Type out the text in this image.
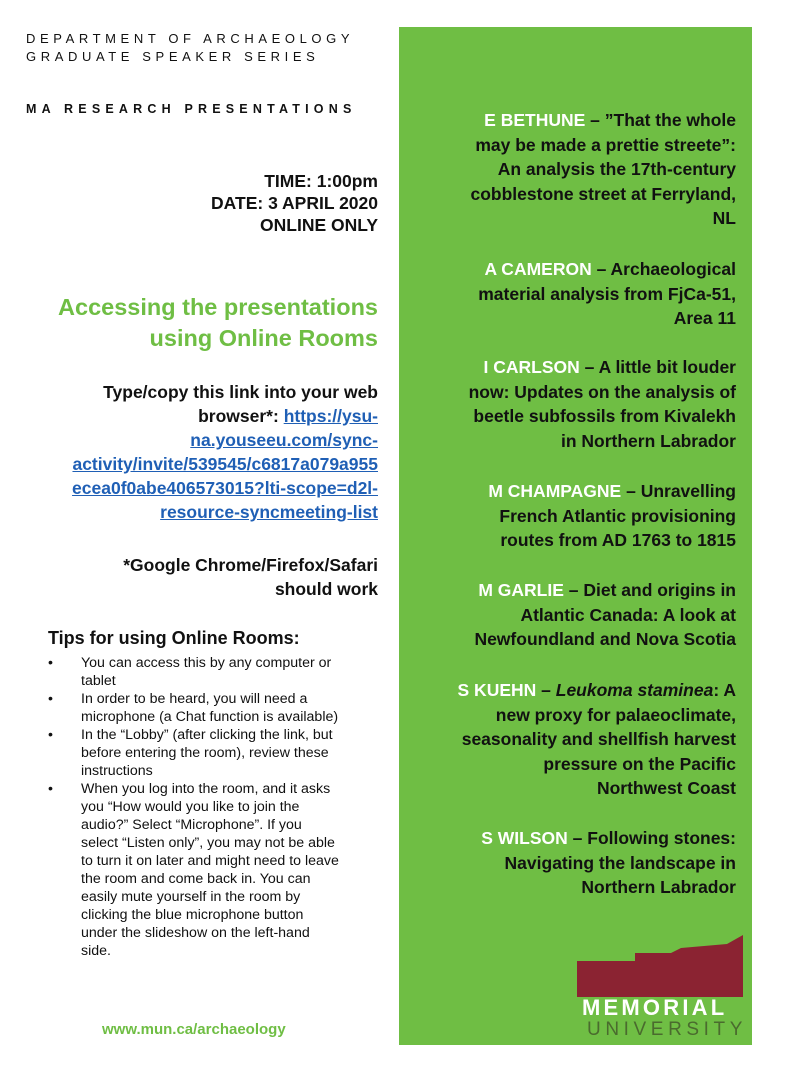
DEPARTMENT OF ARCHAEOLOGY
GRADUATE SPEAKER SERIES
MA RESEARCH PRESENTATIONS
TIME: 1:00pm
DATE: 3 APRIL 2020
ONLINE ONLY
Accessing the presentations
using Online Rooms
Type/copy this link into your web
browser*: https://ysu-
na.youseeu.com/sync-
activity/invite/539545/c6817a079a955
ecea0f0abe406573015?lti-scope=d2l-
resource-syncmeeting-list
*Google Chrome/Firefox/Safari
should work
Tips for using Online Rooms:
• You can access this by any computer or
tablet
• In order to be heard, you will need a
microphone (a Chat function is available)
• In the “Lobby” (after clicking the link, but
before entering the room), review these
instructions
• When you log into the room, and it asks
you “How would you like to join the
audio?” Select “Microphone”. If you
select “Listen only”, you may not be able
to turn it on later and might need to leave
the room and come back in. You can
easily mute yourself in the room by
clicking the blue microphone button
under the slideshow on the left-hand
side.
www.mun.ca/archaeology
E BETHUNE – ”That the whole
may be made a prettie streete”:
An analysis the 17th-century
cobblestone street at Ferryland,
NL
A CAMERON – Archaeological
material analysis from FjCa-51,
Area 11
I CARLSON – A little bit louder
now: Updates on the analysis of
beetle subfossils from Kivalekh
in Northern Labrador
M CHAMPAGNE – Unravelling
French Atlantic provisioning
routes from AD 1763 to 1815
M GARLIE – Diet and origins in
Atlantic Canada: A look at
Newfoundland and Nova Scotia
S KUEHN – Leukoma staminea: A
new proxy for palaeoclimate,
seasonality and shellfish harvest
pressure on the Pacific
Northwest Coast
S WILSON – Following stones:
Navigating the landscape in
Northern Labrador
MEMORIAL
UNIVERSITY
